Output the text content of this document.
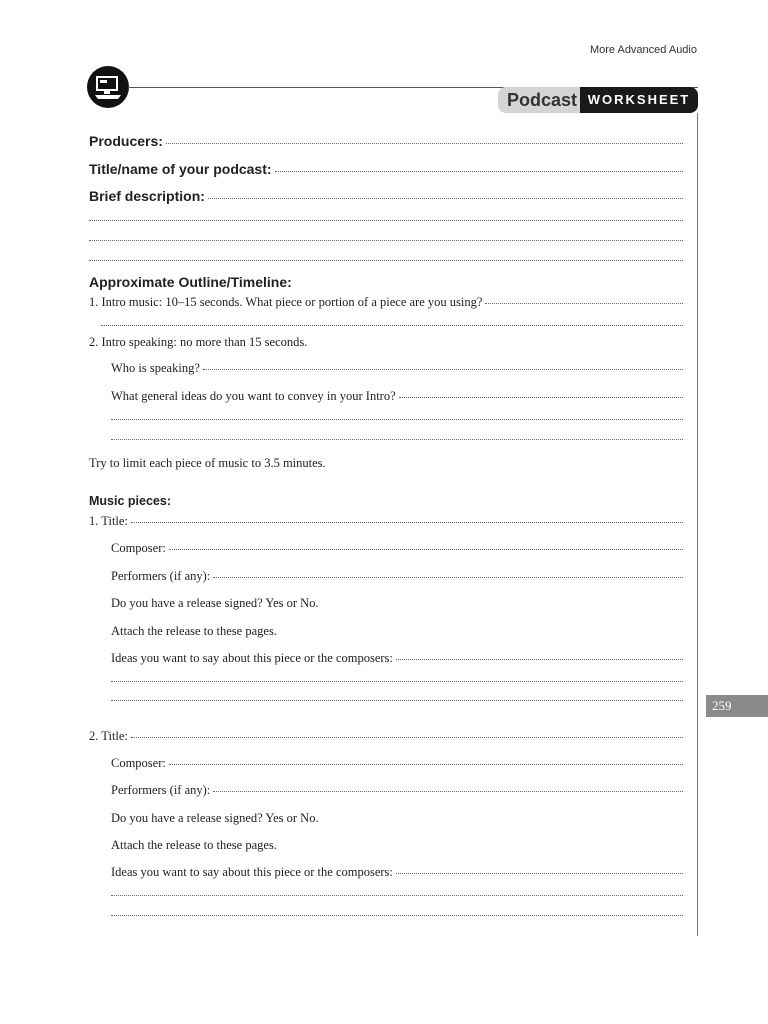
More Advanced Audio
Podcast WORKSHEET
Producers:
Title/name of your podcast:
Brief description:
Approximate Outline/Timeline:
1. Intro music: 10–15 seconds. What piece or portion of a piece are you using?
2. Intro speaking: no more than 15 seconds.
Who is speaking?
What general ideas do you want to convey in your Intro?
Try to limit each piece of music to 3.5 minutes.
Music pieces:
1. Title:
Composer:
Performers (if any):
Do you have a release signed? Yes or No.
Attach the release to these pages.
Ideas you want to say about this piece or the composers:
2. Title:
Composer:
Performers (if any):
Do you have a release signed? Yes or No.
Attach the release to these pages.
Ideas you want to say about this piece or the composers:
259
